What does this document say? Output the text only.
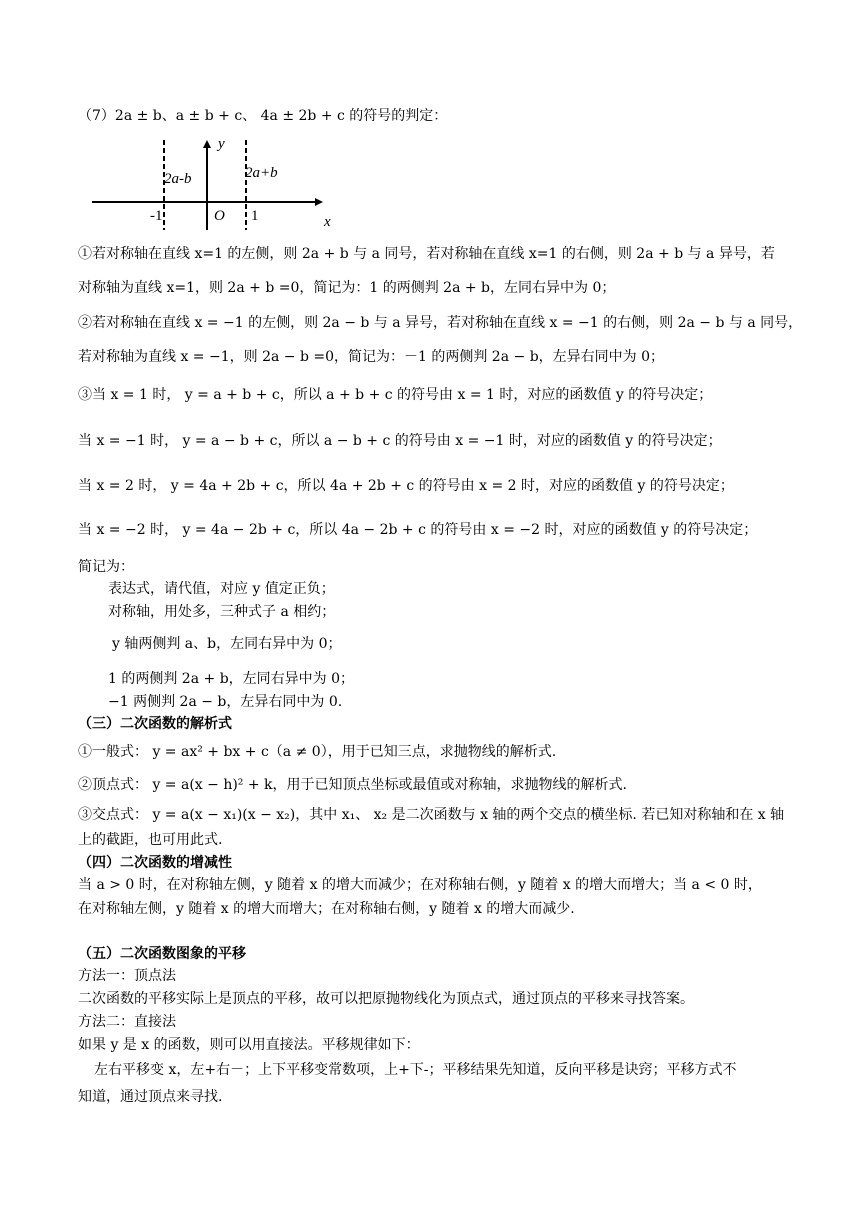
（7）2a ± b、a ± b + c、 4a ± 2b + c 的符号的判定：
y
x
O
-1	1
2a-b	2a+b
①若对称轴在直线 x=1 的左侧，则 2a + b 与 a 同号，若对称轴在直线 x=1 的右侧，则 2a + b 与 a 异号，若
对称轴为直线 x=1，则 2a + b =0，简记为：1 的两侧判 2a + b，左同右异中为 0；
②若对称轴在直线 x = −1 的左侧，则 2a − b 与 a 异号，若对称轴在直线 x = −1 的右侧，则 2a − b 与 a 同号，
若对称轴为直线 x = −1，则 2a − b =0，简记为：－1 的两侧判 2a − b，左异右同中为 0；
③当 x = 1 时， y = a + b + c，所以 a + b + c 的符号由 x = 1 时，对应的函数值 y 的符号决定；
当 x = −1 时， y = a − b + c，所以 a − b + c 的符号由 x = −1 时，对应的函数值 y 的符号决定；
当 x = 2 时， y = 4a + 2b + c，所以 4a + 2b + c 的符号由 x = 2 时，对应的函数值 y 的符号决定；
当 x = −2 时， y = 4a − 2b + c，所以 4a − 2b + c 的符号由 x = −2 时，对应的函数值 y 的符号决定；
简记为：
表达式，请代值，对应 y 值定正负；
对称轴，用处多，三种式子 a 相约；
y 轴两侧判 a、b，左同右异中为 0；
1 的两侧判 2a + b，左同右异中为 0；
−1 两侧判 2a − b，左异右同中为 0.
（三）二次函数的解析式
①一般式： y = ax² + bx + c（a ≠ 0），用于已知三点，求抛物线的解析式.
②顶点式： y = a(x − h)² + k，用于已知顶点坐标或最值或对称轴，求抛物线的解析式.
③交点式： y = a(x − x₁)(x − x₂)，其中 x₁、 x₂ 是二次函数与 x 轴的两个交点的横坐标. 若已知对称轴和在 x 轴
上的截距，也可用此式.
（四）二次函数的增减性
当 a > 0 时，在对称轴左侧，y 随着 x 的增大而减少；在对称轴右侧，y 随着 x 的增大而增大；当 a < 0 时，
在对称轴左侧，y 随着 x 的增大而增大；在对称轴右侧，y 随着 x 的增大而减少.
（五）二次函数图象的平移
方法一：顶点法
二次函数的平移实际上是顶点的平移，故可以把原抛物线化为顶点式，通过顶点的平移来寻找答案。
方法二：直接法
如果 y 是 x 的函数，则可以用直接法。平移规律如下：
左右平移变 x，左+右－；上下平移变常数项，上+下-；平移结果先知道，反向平移是诀窍；平移方式不
知道，通过顶点来寻找.
